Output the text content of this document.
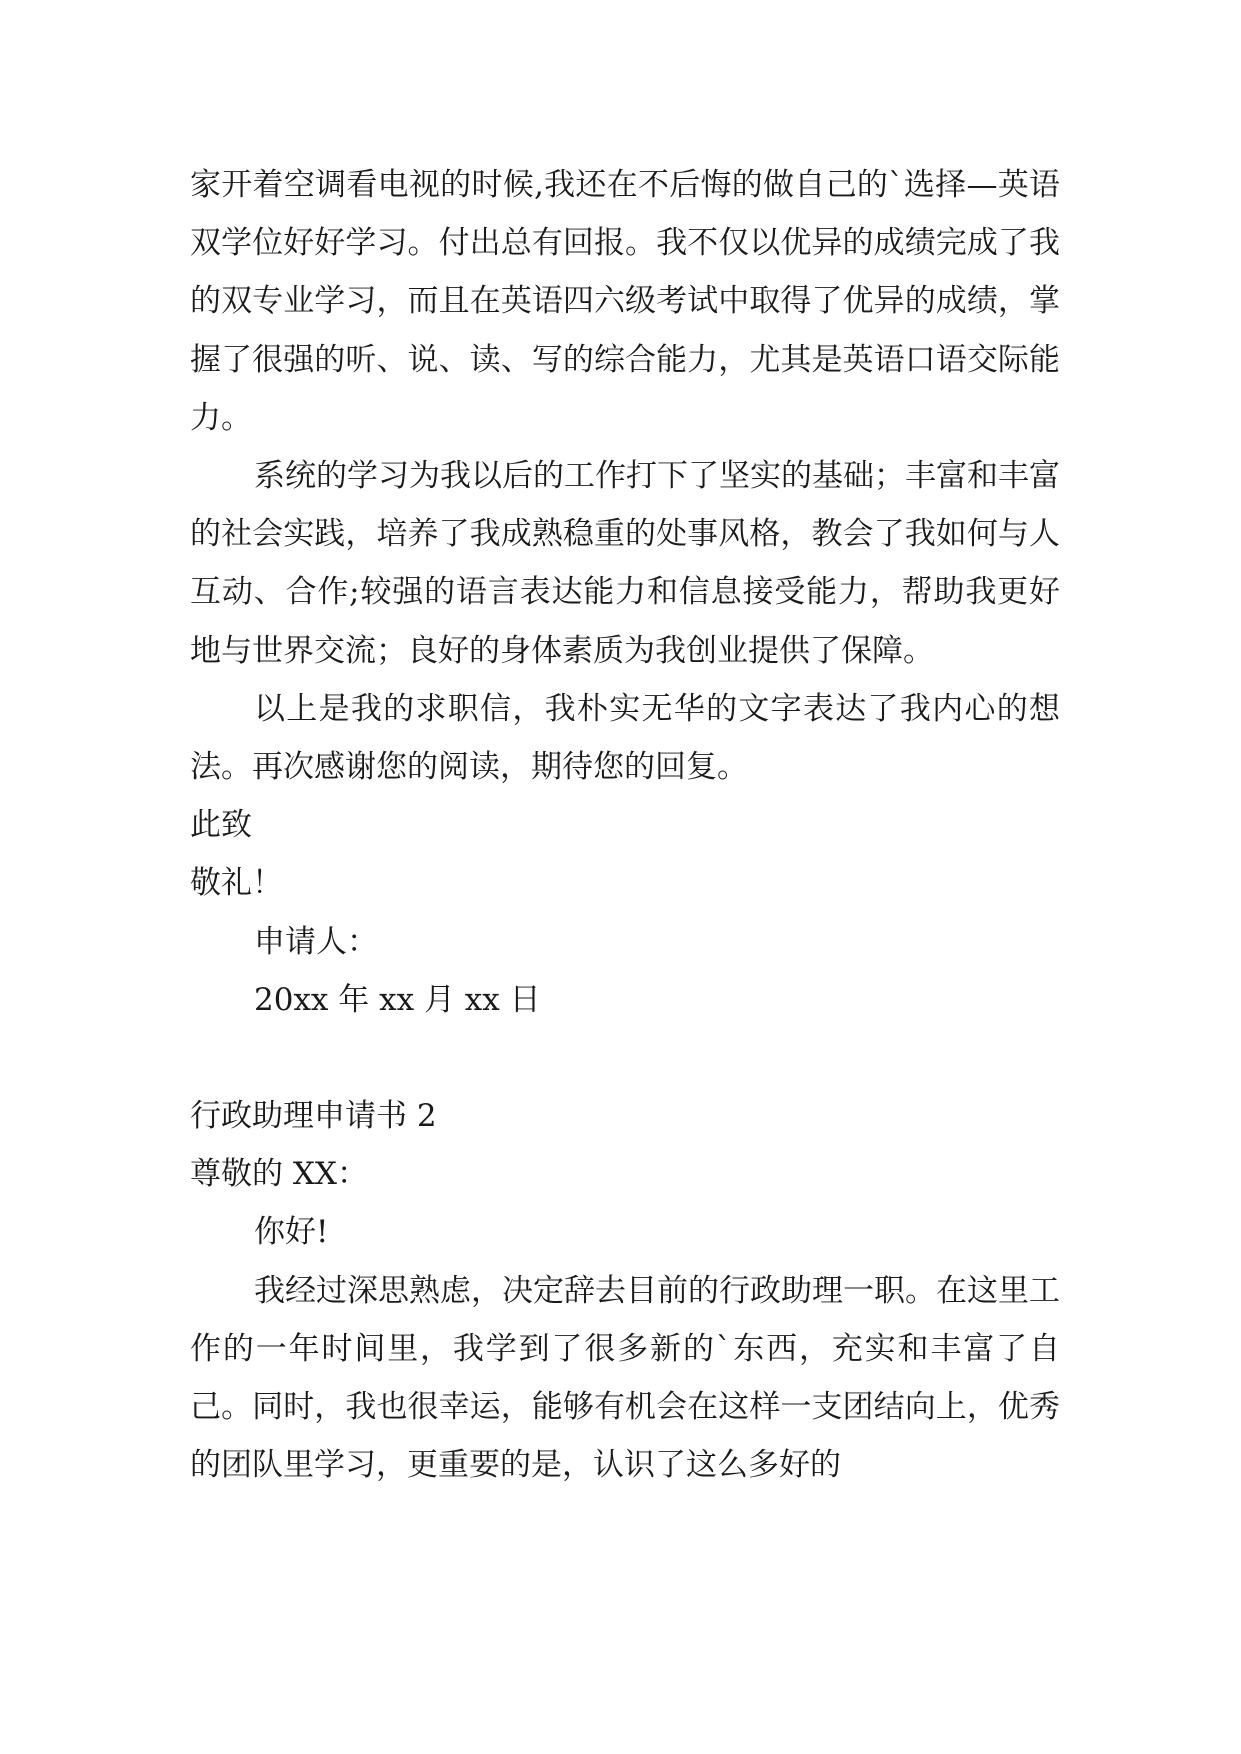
家开着空调看电视的时候,我还在不后悔的做自己的`选择—英语双学位好好学习。付出总有回报。我不仅以优异的成绩完成了我的双专业学习，而且在英语四六级考试中取得了优异的成绩，掌握了很强的听、说、读、写的综合能力，尤其是英语口语交际能力。

系统的学习为我以后的工作打下了坚实的基础；丰富和丰富的社会实践，培养了我成熟稳重的处事风格，教会了我如何与人互动、合作;较强的语言表达能力和信息接受能力，帮助我更好地与世界交流；良好的身体素质为我创业提供了保障。

以上是我的求职信，我朴实无华的文字表达了我内心的想法。再次感谢您的阅读，期待您的回复。

此致

敬礼！

申请人：

20xx 年 xx 月 xx 日

行政助理申请书 2

尊敬的 XX：

你好!

我经过深思熟虑，决定辞去目前的行政助理一职。在这里工作的一年时间里，我学到了很多新的`东西，充实和丰富了自己。同时，我也很幸运，能够有机会在这样一支团结向上，优秀的团队里学习，更重要的是，认识了这么多好的
